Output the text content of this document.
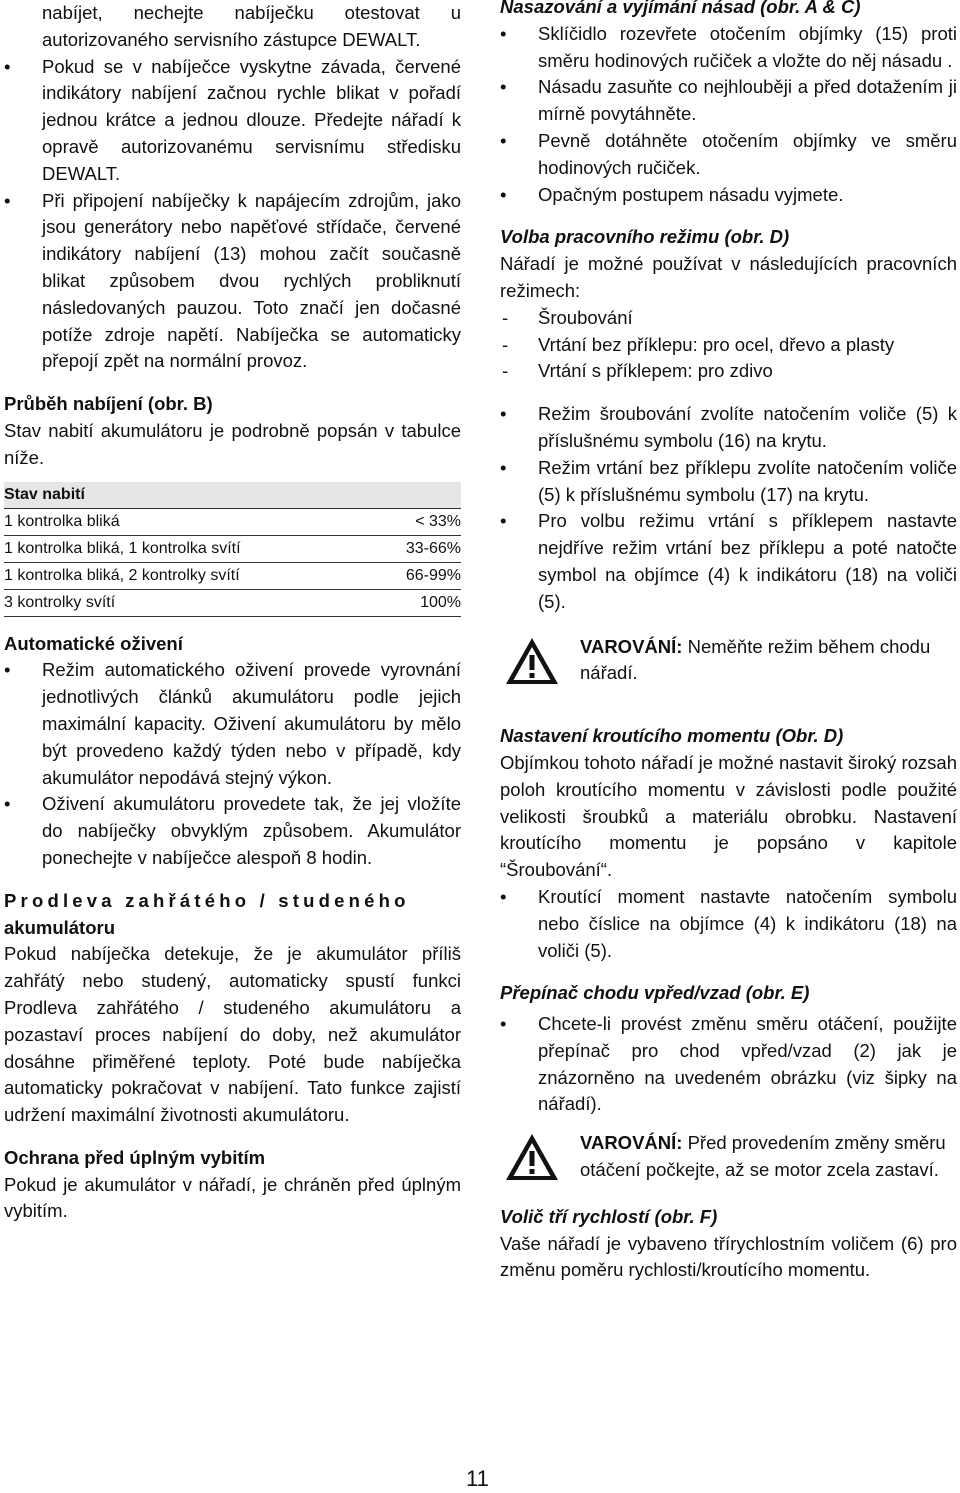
nabíjet, nechejte nabíječku otestovat u autorizovaného servisního zástupce DEWALT.

•	Pokud se v nabíječce vyskytne závada, červené indikátory nabíjení začnou rychle blikat v pořadí jednou krátce a jednou dlouze. Předejte nářadí k opravě autorizovanému servisnímu středisku DEWALT.
•	Při připojení nabíječky k napájecím zdrojům, jako jsou generátory nebo napěťové střídače, červené indikátory nabíjení (13) mohou začít současně blikat způsobem dvou rychlých probliknutí následovaných pauzou. Toto značí jen dočasné potíže zdroje napětí. Nabíječka se automaticky přepojí zpět na normální provoz.
Průběh nabíjení (obr. B)

Stav nabití akumulátoru je podrobně popsán v tabulce níže.

Stav nabití	
1 kontrolka bliká	< 33%
1 kontrolka bliká, 1 kontrolka svítí	33-66%
1 kontrolka bliká, 2 kontrolky svítí	66-99%
3 kontrolky svítí	100%
Automatické oživení
•	Režim automatického oživení provede vyrovnání jednotlivých článků akumulátoru podle jejich maximální kapacity. Oživení akumulátoru by mělo být provedeno každý týden nebo v případě, kdy akumulátor nepodává stejný výkon.
•	Oživení akumulátoru provedete tak, že jej vložíte do nabíječky obvyklým způsobem. Akumulátor ponechejte v nabíječce alespoň 8 hodin.
Prodleva zahřátého / studeného
akumulátoru

Pokud nabíječka detekuje, že je akumulátor příliš zahřátý nebo studený, automaticky spustí funkci Prodleva zahřátého / studeného akumulátoru a pozastaví proces nabíjení do doby, než akumulátor dosáhne přiměřené teploty. Poté bude nabíječka automaticky pokračovat v nabíjení. Tato funkce zajistí udržení maximální životnosti akumulátoru.

Ochrana před úplným vybitím

Pokud je akumulátor v nářadí, je chráněn před úplným vybitím.

Nasazování a vyjímání násad (obr. A & C)
•	Sklíčidlo rozevřete otočením objímky (15) proti směru hodinových ručiček a vložte do něj násadu .
•	Násadu zasuňte co nejhlouběji a před dotažením ji mírně povytáhněte.
•	Pevně dotáhněte otočením objímky ve směru hodinových ručiček.
•	Opačným postupem násadu vyjmete.
Volba pracovního režimu (obr. D)

Nářadí je možné používat v následujících pracovních režimech:

-	Šroubování
-	Vrtání bez příklepu: pro ocel, dřevo a plasty
-	Vrtání s příklepem: pro zdivo
•	Režim šroubování zvolíte natočením voliče (5) k příslušnému symbolu (16) na krytu.
•	Režim vrtání bez příklepu zvolíte natočením voliče (5) k příslušnému symbolu (17) na krytu.
•	Pro volbu režimu vrtání s příklepem nastavte nejdříve režim vrtání bez příklepu a poté natočte symbol na objímce (4) k indikátoru (18) na voliči (5).

VAROVÁNÍ: Neměňte režim během chodu nářadí.

Nastavení kroutícího momentu (Obr. D)

Objímkou tohoto nářadí je možné nastavit široký rozsah poloh kroutícího momentu v závislosti podle použité velikosti šroubků a materiálu obrobku. Nastavení kroutícího momentu je popsáno v kapitole “Šroubování“.

•	Kroutící moment nastavte natočením symbolu nebo číslice na objímce (4) k indikátoru (18) na voliči (5).
Přepínač chodu vpřed/vzad (obr. E)
•	Chcete-li provést změnu směru otáčení, použijte přepínač pro chod vpřed/vzad (2) jak je znázorněno na uvedeném obrázku (viz šipky na nářadí).

VAROVÁNÍ: Před provedením změny směru otáčení počkejte, až se motor zcela zastaví.

Volič tří rychlostí (obr. F)

Vaše nářadí je vybaveno třírychlostním voličem (6) pro změnu poměru rychlosti/kroutícího momentu.

11
